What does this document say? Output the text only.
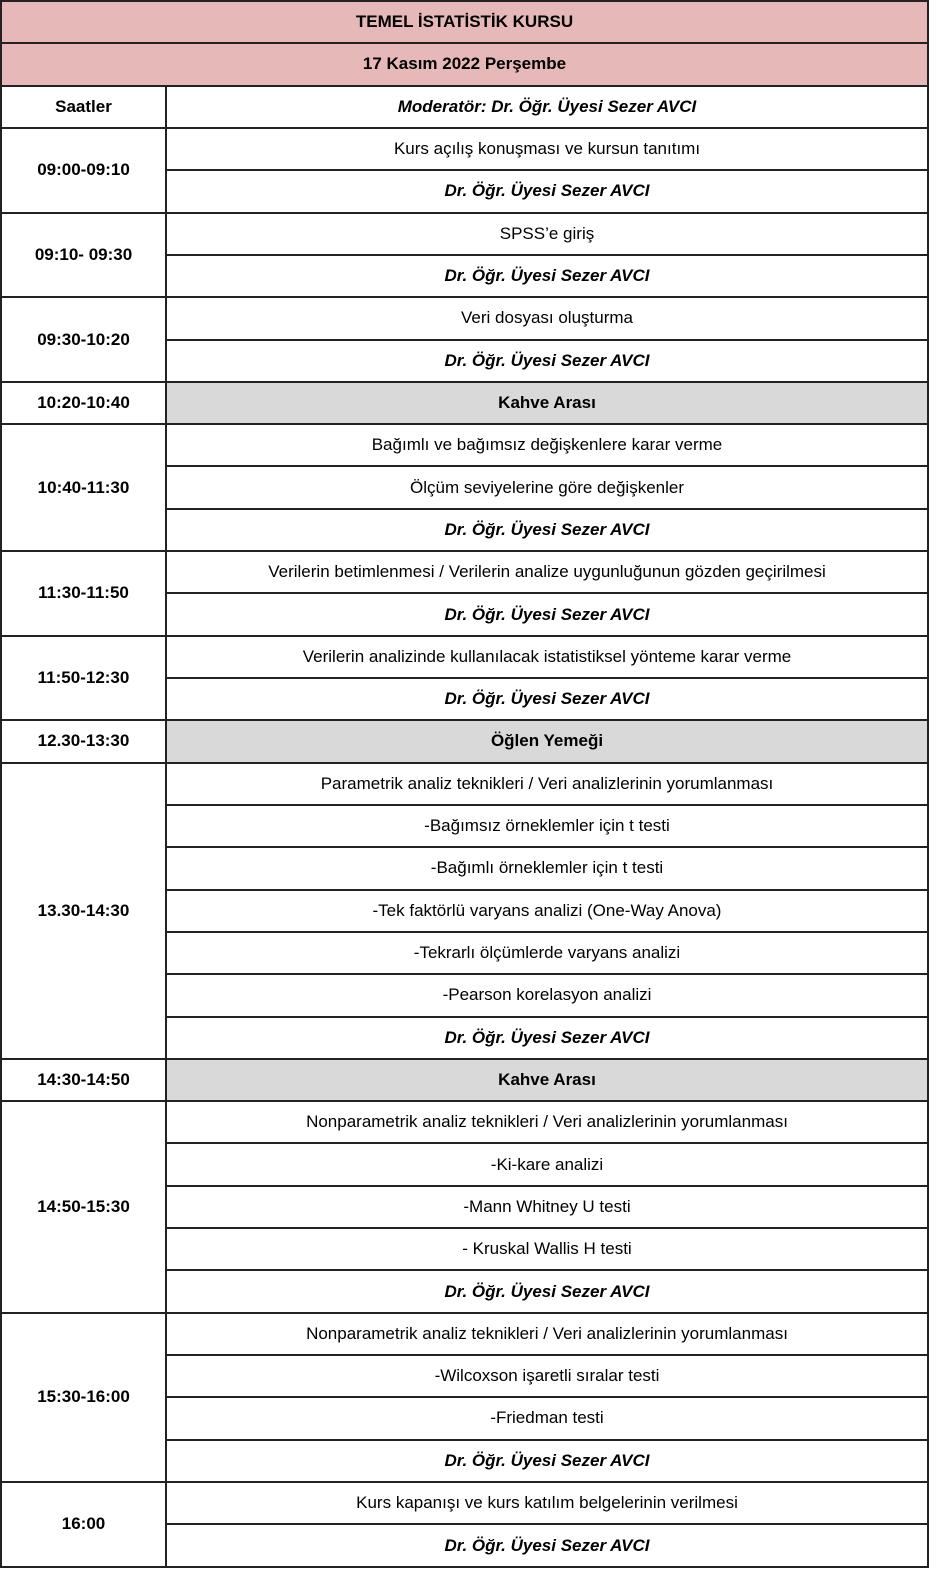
TEMEL İSTATİSTİK KURSU	
17 Kasım 2022 Perşembe	
Saatler	Moderatör: Dr. Öğr. Üyesi Sezer AVCI
09:00-09:10	Kurs açılış konuşması ve kursun tanıtımı
	Dr. Öğr. Üyesi Sezer AVCI
09:10- 09:30	SPSS’e giriş
	Dr. Öğr. Üyesi Sezer AVCI
09:30-10:20	Veri dosyası oluşturma
	Dr. Öğr. Üyesi Sezer AVCI
10:20-10:40	Kahve Arası
10:40-11:30	Bağımlı ve bağımsız değişkenlere karar verme
	Ölçüm seviyelerine göre değişkenler
	Dr. Öğr. Üyesi Sezer AVCI
11:30-11:50	Verilerin betimlenmesi / Verilerin analize uygunluğunun gözden geçirilmesi
	Dr. Öğr. Üyesi Sezer AVCI
11:50-12:30	Verilerin analizinde kullanılacak istatistiksel yönteme karar verme
	Dr. Öğr. Üyesi Sezer AVCI
12.30-13:30	Öğlen Yemeği
13.30-14:30	Parametrik analiz teknikleri / Veri analizlerinin yorumlanması
	-Bağımsız örneklemler için t testi
	-Bağımlı örneklemler için t testi
	-Tek faktörlü varyans analizi (One-Way Anova)
	-Tekrarlı ölçümlerde varyans analizi
	-Pearson korelasyon analizi
	Dr. Öğr. Üyesi Sezer AVCI
14:30-14:50	Kahve Arası
14:50-15:30	Nonparametrik analiz teknikleri / Veri analizlerinin yorumlanması
	-Ki-kare analizi
	-Mann Whitney U testi
	- Kruskal Wallis H testi
	Dr. Öğr. Üyesi Sezer AVCI
15:30-16:00	Nonparametrik analiz teknikleri / Veri analizlerinin yorumlanması
	-Wilcoxson işaretli sıralar testi
	-Friedman testi
	Dr. Öğr. Üyesi Sezer AVCI
16:00	Kurs kapanışı ve kurs katılım belgelerinin verilmesi
	Dr. Öğr. Üyesi Sezer AVCI
